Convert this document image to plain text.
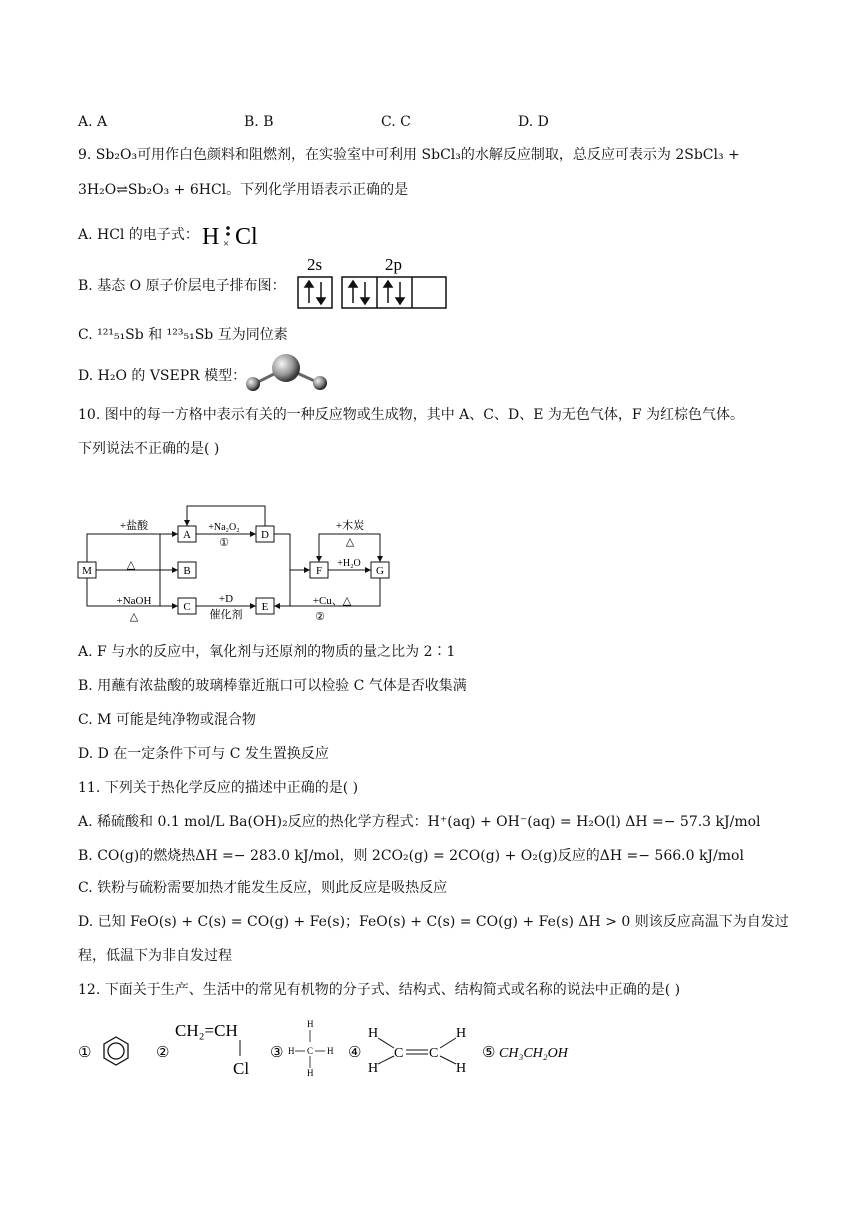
A. A	B. B	C. C	D. D
9. Sb₂O₃可用作白色颜料和阻燃剂，在实验室中可利用 SbCl₃的水解反应制取，总反应可表示为 2SbCl₃ +
3H₂O⇌Sb₂O₃ + 6HCl。下列化学用语表示正确的是
A. HCl 的电子式： H × Cl
B. 基态 O 原子价层电子排布图：
2s	2p
C. ¹²¹₅₁Sb 和 ¹²³₅₁Sb 互为同位素
D. H₂O 的 VSEPR 模型：
10. 图中的每一方格中表示有关的一种反应物或生成物，其中 A、C、D、E 为无色气体，F 为红棕色气体。
下列说法不正确的是( )
M
A
B
C
D
E
F	G
+盐酸
△
+NaOH
△
+Na₂O₂
①
+D
催化剂
+木炭
△
+H₂O
+Cu、△
②
A. F 与水的反应中，氧化剂与还原剂的物质的量之比为 2∶1
B. 用蘸有浓盐酸的玻璃棒靠近瓶口可以检验 C 气体是否收集满
C. M 可能是纯净物或混合物
D. D 在一定条件下可与 C 发生置换反应
11. 下列关于热化学反应的描述中正确的是( )
A. 稀硫酸和 0.1 mol/L Ba(OH)₂反应的热化学方程式：H⁺(aq) + OH⁻(aq) = H₂O(l) ΔH =− 57.3 kJ/mol
B. CO(g)的燃烧热ΔH =− 283.0 kJ/mol，则 2CO₂(g) = 2CO(g) + O₂(g)反应的ΔH =− 566.0 kJ/mol
C. 铁粉与硫粉需要加热才能发生反应，则此反应是吸热反应
D. 已知 FeO(s) + C(s) = CO(g) + Fe(s)；FeO(s) + C(s) = CO(g) + Fe(s) ΔH > 0 则该反应高温下为自发过
程，低温下为非自发过程
12. 下面关于生产、生活中的常见有机物的分子式、结构式、结构简式或名称的说法中正确的是( )
①	②	③	④	⑤
CH₂=CH
Cl
H
H C H
H
H
H
C C
H
H
CH₃CH₂OH
